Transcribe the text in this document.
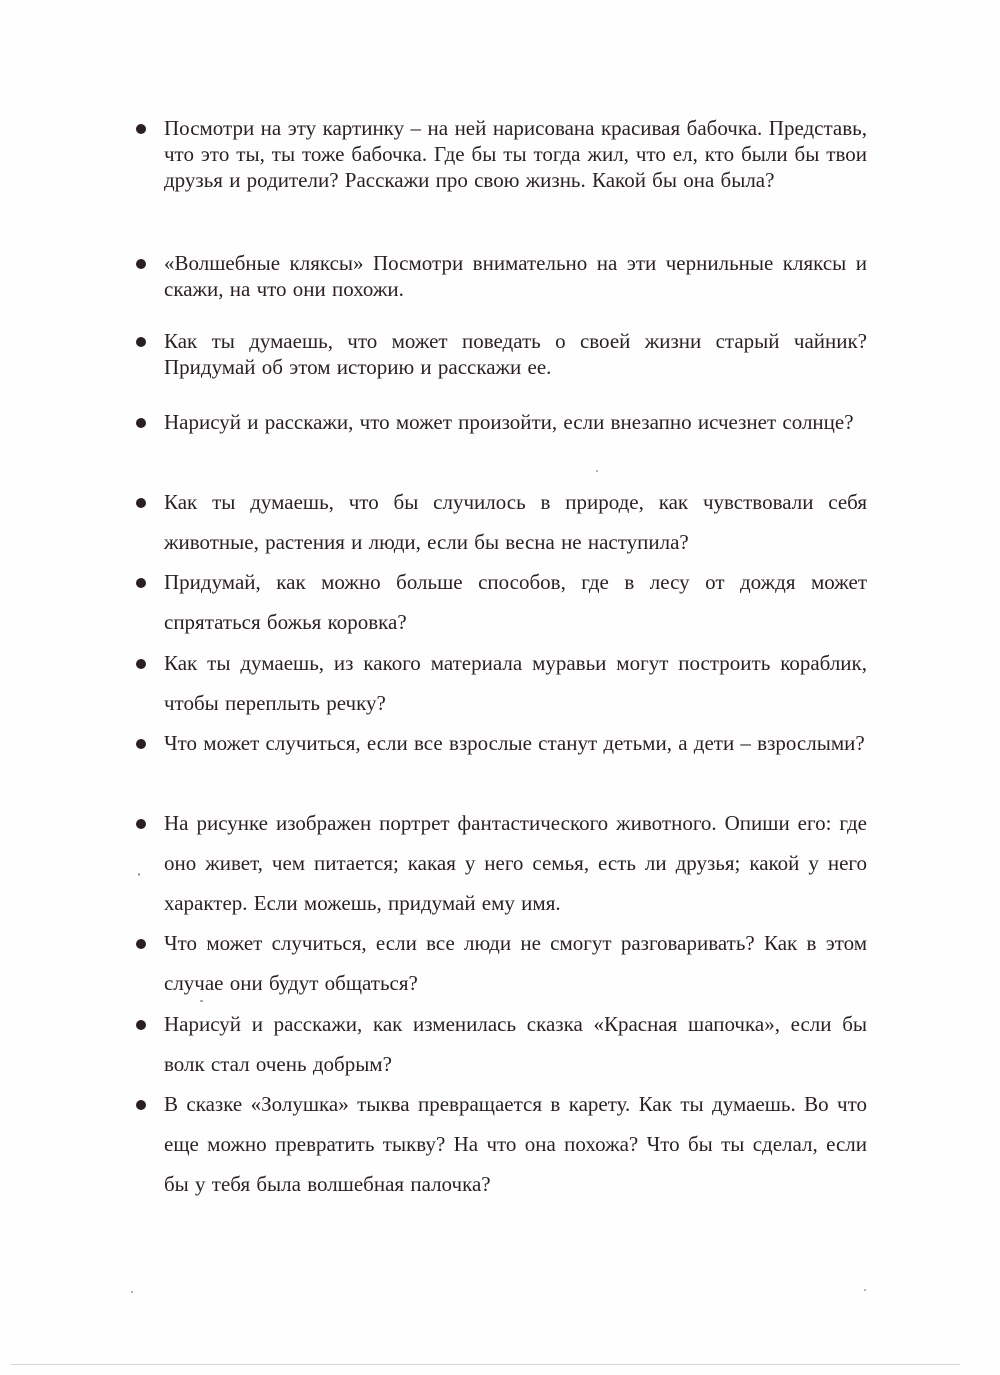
Посмотри на эту картинку – на ней нарисована красивая бабочка. Представь, что это ты, ты тоже бабочка. Где бы ты тогда жил, что ел, кто были бы твои друзья и родители? Расскажи про свою жизнь. Какой бы она была?

«Волшебные кляксы» Посмотри внимательно на эти чернильные кляксы и скажи, на что они похожи.

Как ты думаешь, что может поведать о своей жизни старый чайник? Придумай об этом историю и расскажи ее.

Нарисуй и расскажи, что может произойти, если внезапно исчезнет солнце?

Как ты думаешь, что бы случилось в природе, как чувствовали себя животные, растения и люди, если бы весна не наступила?

Придумай, как можно больше способов, где в лесу от дождя может спрятаться божья коровка?

Как ты думаешь, из какого материала муравьи могут построить кораблик, чтобы переплыть речку?

Что может случиться, если все взрослые станут детьми, а дети – взрослыми?

На рисунке изображен портрет фантастического животного. Опиши его: где оно живет, чем питается; какая у него семья, есть ли друзья; какой у него характер. Если можешь, придумай ему имя.

Что может случиться, если все люди не смогут разговаривать? Как в этом случае они будут общаться?

Нарисуй и расскажи, как изменилась сказка «Красная шапочка», если бы волк стал очень добрым?

В сказке «Золушка» тыква превращается в карету. Как ты думаешь. Во что еще можно превратить тыкву? На что она похожа? Что бы ты сделал, если бы у тебя была волшебная палочка?
